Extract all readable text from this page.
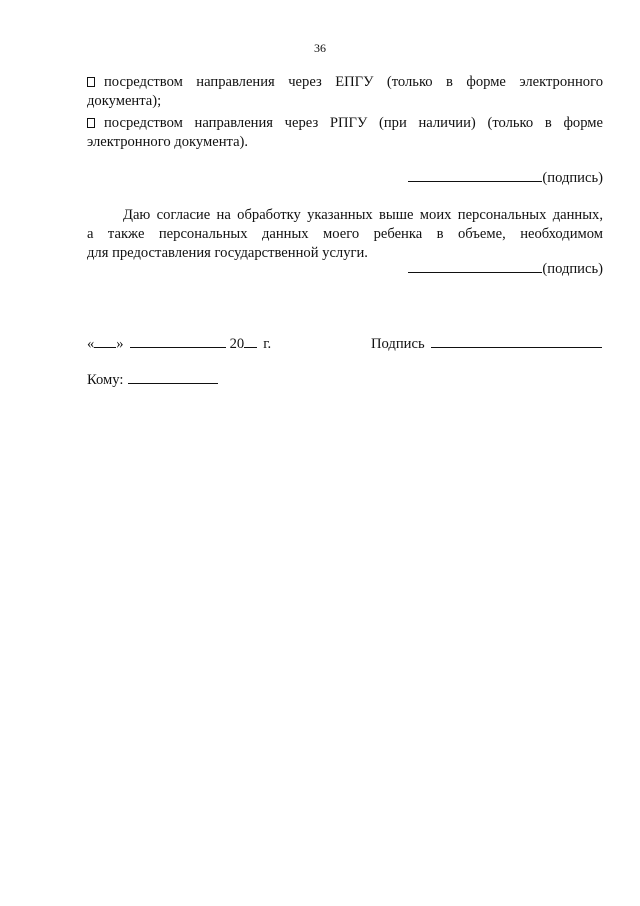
36
посредством направления через ЕПГУ (только в форме электронного
документа);
посредством направления через РПГУ (при наличии) (только в форме
электронного документа).
(подпись)
Даю согласие на обработку указанных выше моих персональных данных,
а также персональных данных моего ребенка в объеме, необходимом
для предоставления государственной услуги.
(подпись)
« »	20 г.	Подпись
Кому:
